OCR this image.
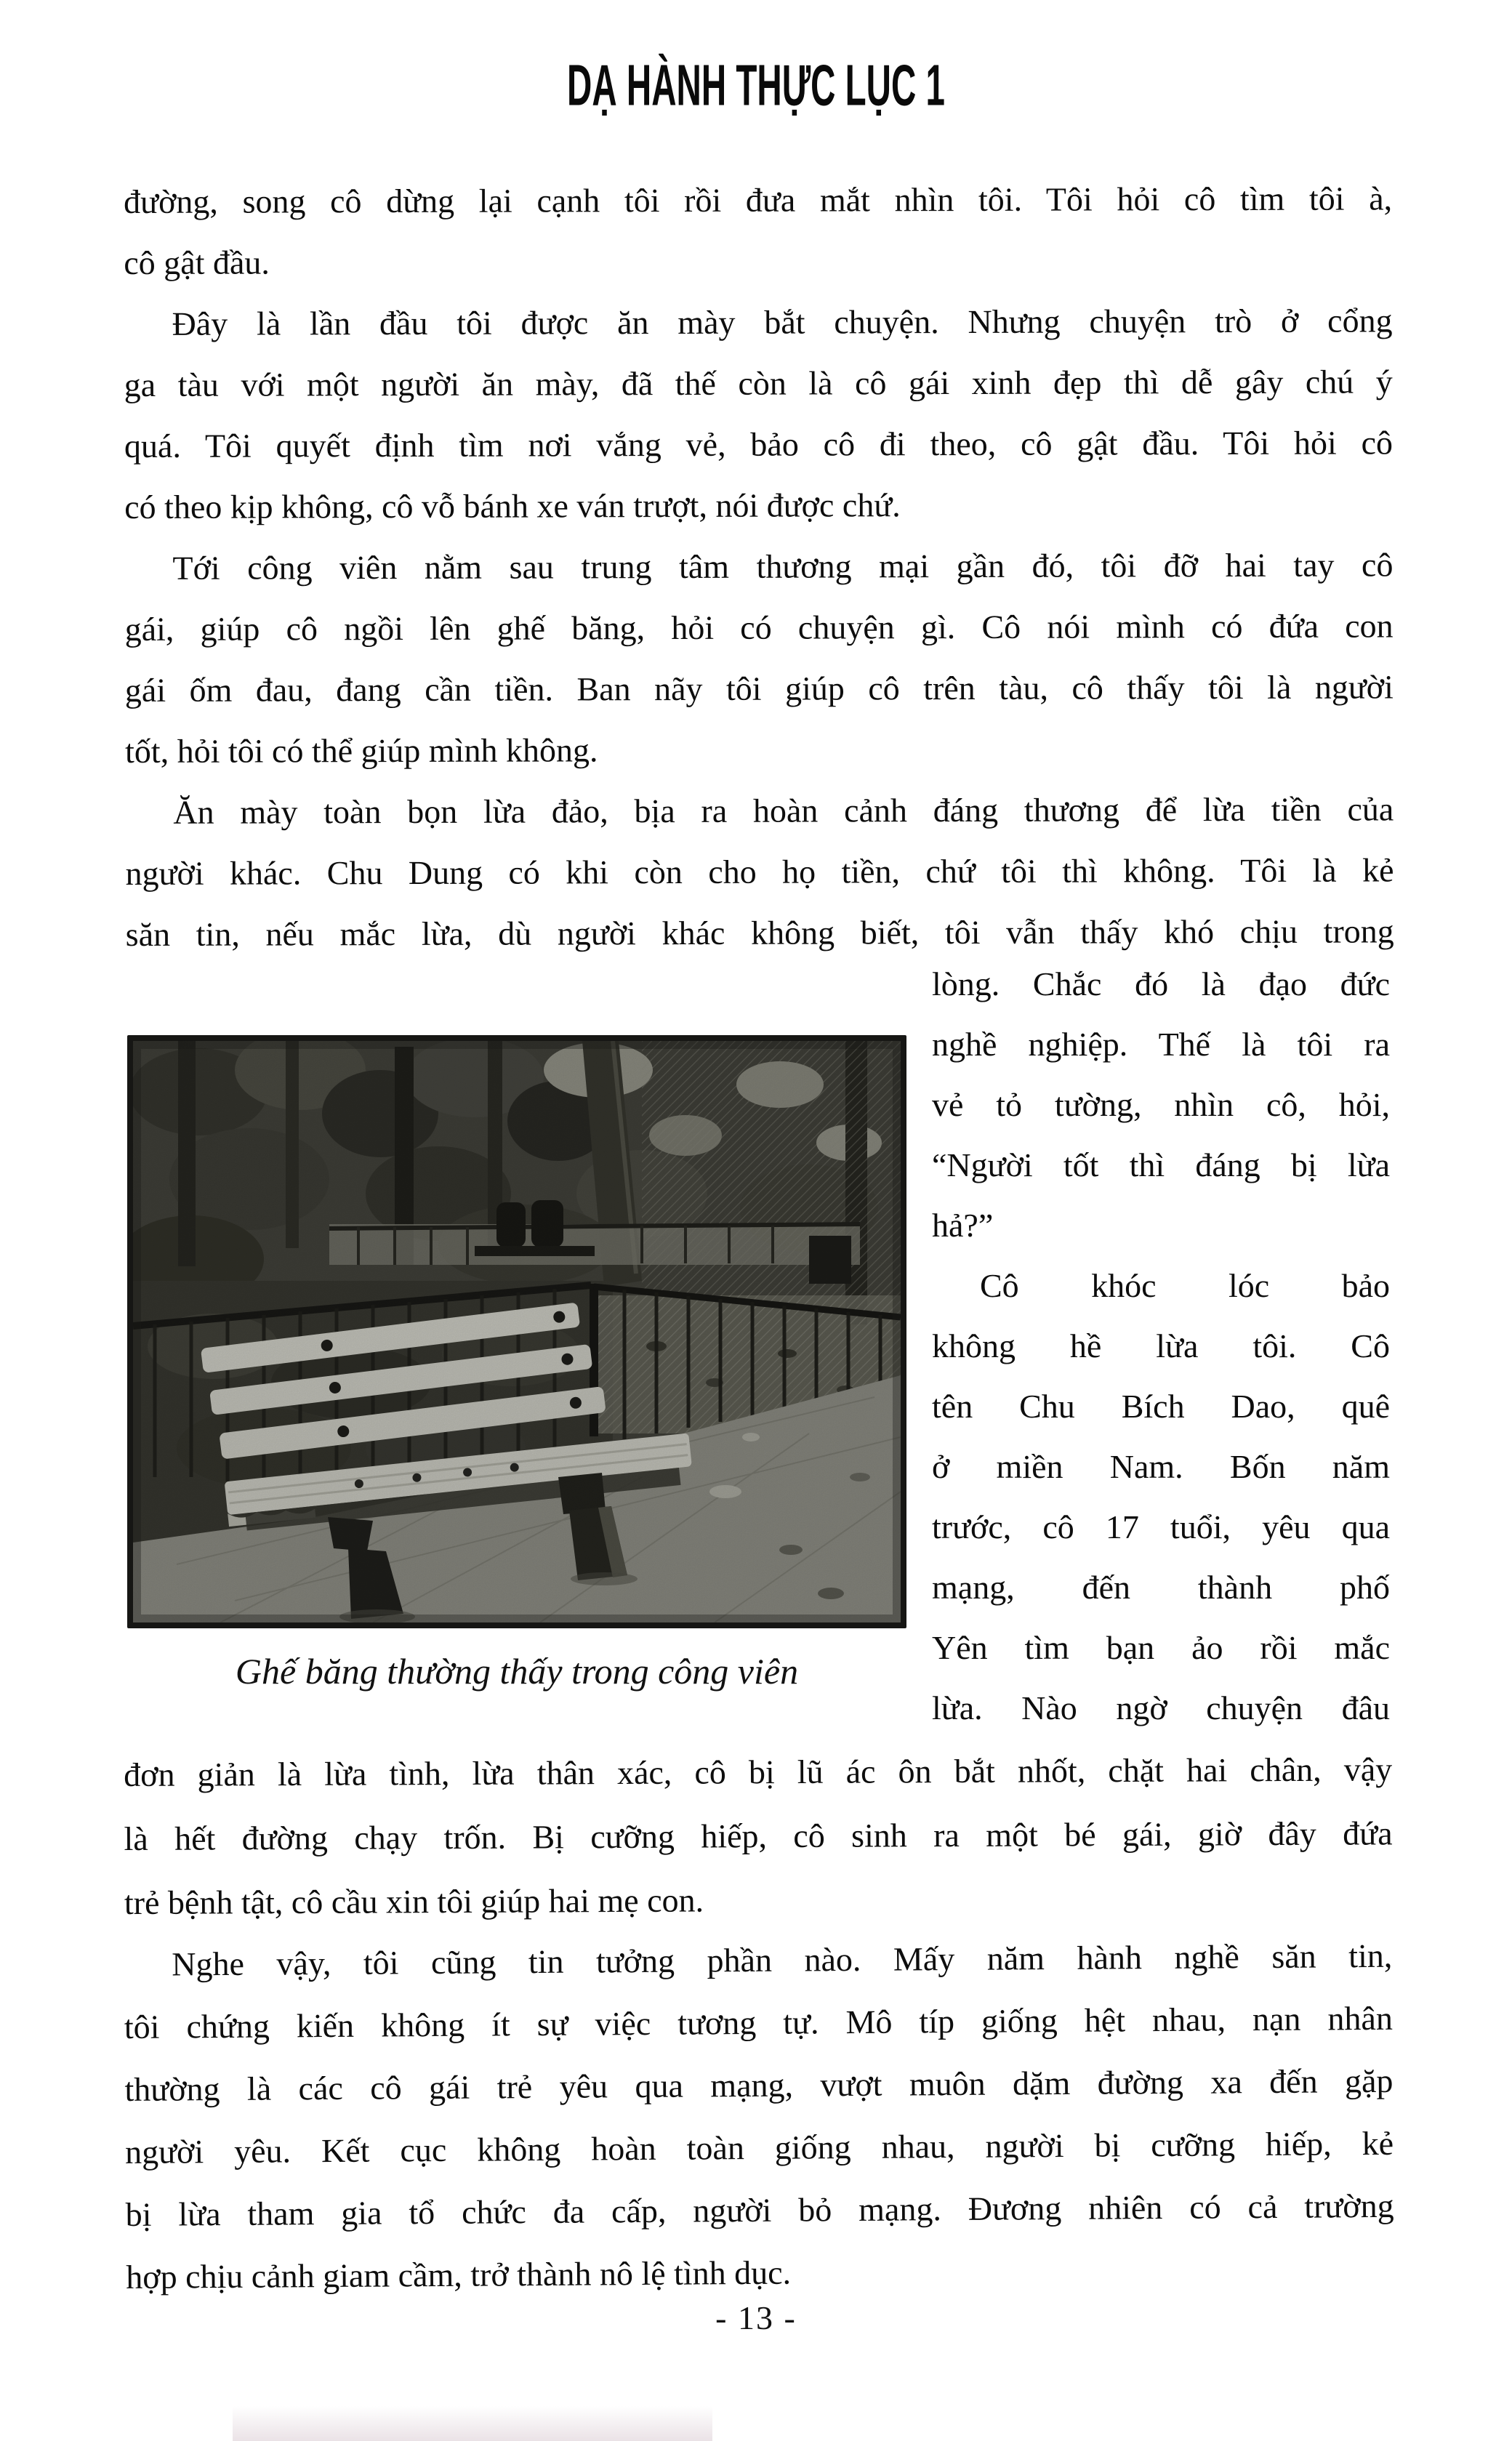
DẠ HÀNH THỰC LỤC 1
đường, song cô dừng lại cạnh tôi rồi đưa mắt nhìn tôi. Tôi hỏi cô tìm tôi à,
cô gật đầu.
Đây là lần đầu tôi được ăn mày bắt chuyện. Nhưng chuyện trò ở cổng
ga tàu với một người ăn mày, đã thế còn là cô gái xinh đẹp thì dễ gây chú ý
quá. Tôi quyết định tìm nơi vắng vẻ, bảo cô đi theo, cô gật đầu. Tôi hỏi cô
có theo kịp không, cô vỗ bánh xe ván trượt, nói được chứ.
Tới công viên nằm sau trung tâm thương mại gần đó, tôi đỡ hai tay cô
gái, giúp cô ngồi lên ghế băng, hỏi có chuyện gì. Cô nói mình có đứa con
gái ốm đau, đang cần tiền. Ban nãy tôi giúp cô trên tàu, cô thấy tôi là người
tốt, hỏi tôi có thể giúp mình không.
Ăn mày toàn bọn lừa đảo, bịa ra hoàn cảnh đáng thương để lừa tiền của
người khác. Chu Dung có khi còn cho họ tiền, chứ tôi thì không. Tôi là kẻ
săn tin, nếu mắc lừa, dù người khác không biết, tôi vẫn thấy khó chịu trong
lòng. Chắc đó là đạo đức
nghề nghiệp. Thế là tôi ra
vẻ tỏ tường, nhìn cô, hỏi,
“Người tốt thì đáng bị lừa
hả?”
Cô khóc lóc bảo
không hề lừa tôi. Cô
tên Chu Bích Dao, quê
ở miền Nam. Bốn năm
trước, cô 17 tuổi, yêu qua
mạng, đến thành phố
Yên tìm bạn ảo rồi mắc
lừa. Nào ngờ chuyện đâu
Ghế băng thường thấy trong công viên
đơn giản là lừa tình, lừa thân xác, cô bị lũ ác ôn bắt nhốt, chặt hai chân, vậy
là hết đường chạy trốn. Bị cưỡng hiếp, cô sinh ra một bé gái, giờ đây đứa
trẻ bệnh tật, cô cầu xin tôi giúp hai mẹ con.
Nghe vậy, tôi cũng tin tưởng phần nào. Mấy năm hành nghề săn tin,
tôi chứng kiến không ít sự việc tương tự. Mô típ giống hệt nhau, nạn nhân
thường là các cô gái trẻ yêu qua mạng, vượt muôn dặm đường xa đến gặp
người yêu. Kết cục không hoàn toàn giống nhau, người bị cưỡng hiếp, kẻ
bị lừa tham gia tổ chức đa cấp, người bỏ mạng. Đương nhiên có cả trường
hợp chịu cảnh giam cầm, trở thành nô lệ tình dục.
- 13 -
